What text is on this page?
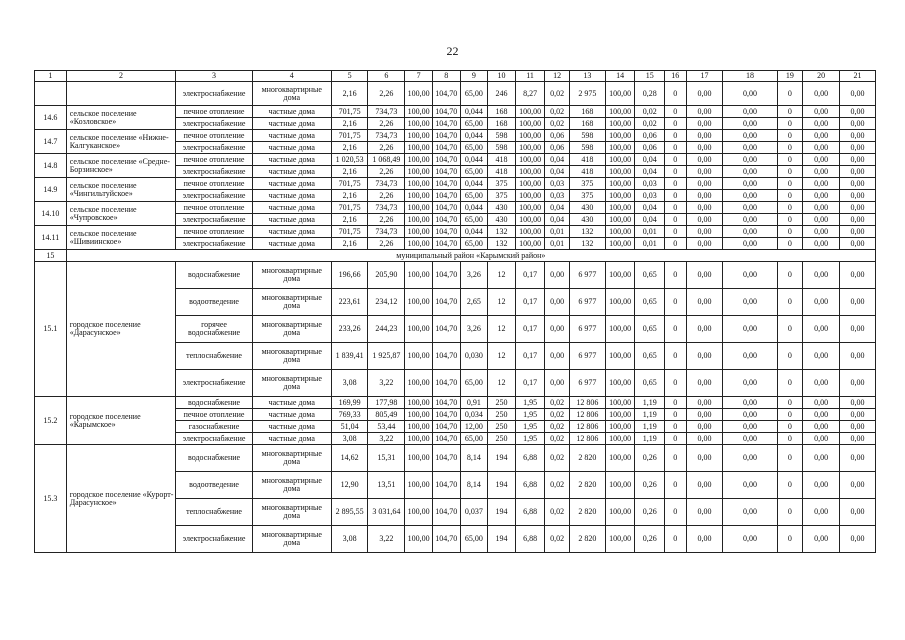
22
1	2	3	4	5	6	7	8	9	10	11	12	13	14	15	16	17	18	19	20	21
		электроснабжение	многоквартирные дома	2,16	2,26	100,00	104,70	65,00	246	8,27	0,02	2 975	100,00	0,28	0	0,00	0,00	0	0,00	0,00
14.6	сельское поселение «Козловское»	печное отопление	частные дома	701,75	734,73	100,00	104,70	0,044	168	100,00	0,02	168	100,00	0,02	0	0,00	0,00	0	0,00	0,00
		электроснабжение	частные дома	2,16	2,26	100,00	104,70	65,00	168	100,00	0,02	168	100,00	0,02	0	0,00	0,00	0	0,00	0,00
14.7	сельское поселение «Нижне-Калгуканское»	печное отопление	частные дома	701,75	734,73	100,00	104,70	0,044	598	100,00	0,06	598	100,00	0,06	0	0,00	0,00	0	0,00	0,00
		электроснабжение	частные дома	2,16	2,26	100,00	104,70	65,00	598	100,00	0,06	598	100,00	0,06	0	0,00	0,00	0	0,00	0,00
14.8	сельское поселение «Средне-Борзинское»	печное отопление	частные дома	1 020,53	1 068,49	100,00	104,70	0,044	418	100,00	0,04	418	100,00	0,04	0	0,00	0,00	0	0,00	0,00
		электроснабжение	частные дома	2,16	2,26	100,00	104,70	65,00	418	100,00	0,04	418	100,00	0,04	0	0,00	0,00	0	0,00	0,00
14.9	сельское поселение «Чингильтуйское»	печное отопление	частные дома	701,75	734,73	100,00	104,70	0,044	375	100,00	0,03	375	100,00	0,03	0	0,00	0,00	0	0,00	0,00
		электроснабжение	частные дома	2,16	2,26	100,00	104,70	65,00	375	100,00	0,03	375	100,00	0,03	0	0,00	0,00	0	0,00	0,00
14.10	сельское поселение «Чупровское»	печное отопление	частные дома	701,75	734,73	100,00	104,70	0,044	430	100,00	0,04	430	100,00	0,04	0	0,00	0,00	0	0,00	0,00
		электроснабжение	частные дома	2,16	2,26	100,00	104,70	65,00	430	100,00	0,04	430	100,00	0,04	0	0,00	0,00	0	0,00	0,00
14.11	сельское поселение «Шивиинское»	печное отопление	частные дома	701,75	734,73	100,00	104,70	0,044	132	100,00	0,01	132	100,00	0,01	0	0,00	0,00	0	0,00	0,00
		электроснабжение	частные дома	2,16	2,26	100,00	104,70	65,00	132	100,00	0,01	132	100,00	0,01	0	0,00	0,00	0	0,00	0,00
15	муниципальный район «Карымский район»																			
15.1	городское поселение «Дарасунское»	водоснабжение	многоквартирные дома	196,66	205,90	100,00	104,70	3,26	12	0,17	0,00	6 977	100,00	0,65	0	0,00	0,00	0	0,00	0,00
		водоотведение	многоквартирные дома	223,61	234,12	100,00	104,70	2,65	12	0,17	0,00	6 977	100,00	0,65	0	0,00	0,00	0	0,00	0,00
		горячее водоснабжение	многоквартирные дома	233,26	244,23	100,00	104,70	3,26	12	0,17	0,00	6 977	100,00	0,65	0	0,00	0,00	0	0,00	0,00
		теплоснабжение	многоквартирные дома	1 839,41	1 925,87	100,00	104,70	0,030	12	0,17	0,00	6 977	100,00	0,65	0	0,00	0,00	0	0,00	0,00
		электроснабжение	многоквартирные дома	3,08	3,22	100,00	104,70	65,00	12	0,17	0,00	6 977	100,00	0,65	0	0,00	0,00	0	0,00	0,00
15.2	городское поселение «Карымское»	водоснабжение	частные дома	169,99	177,98	100,00	104,70	0,91	250	1,95	0,02	12 806	100,00	1,19	0	0,00	0,00	0	0,00	0,00
		печное отопление	частные дома	769,33	805,49	100,00	104,70	0,034	250	1,95	0,02	12 806	100,00	1,19	0	0,00	0,00	0	0,00	0,00
		газоснабжение	частные дома	51,04	53,44	100,00	104,70	12,00	250	1,95	0,02	12 806	100,00	1,19	0	0,00	0,00	0	0,00	0,00
		электроснабжение	частные дома	3,08	3,22	100,00	104,70	65,00	250	1,95	0,02	12 806	100,00	1,19	0	0,00	0,00	0	0,00	0,00
15.3	городское поселение «Курорт-Дарасунское»	водоснабжение	многоквартирные дома	14,62	15,31	100,00	104,70	8,14	194	6,88	0,02	2 820	100,00	0,26	0	0,00	0,00	0	0,00	0,00
		водоотведение	многоквартирные дома	12,90	13,51	100,00	104,70	8,14	194	6,88	0,02	2 820	100,00	0,26	0	0,00	0,00	0	0,00	0,00
		теплоснабжение	многоквартирные дома	2 895,55	3 031,64	100,00	104,70	0,037	194	6,88	0,02	2 820	100,00	0,26	0	0,00	0,00	0	0,00	0,00
		электроснабжение	многоквартирные дома	3,08	3,22	100,00	104,70	65,00	194	6,88	0,02	2 820	100,00	0,26	0	0,00	0,00	0	0,00	0,00
